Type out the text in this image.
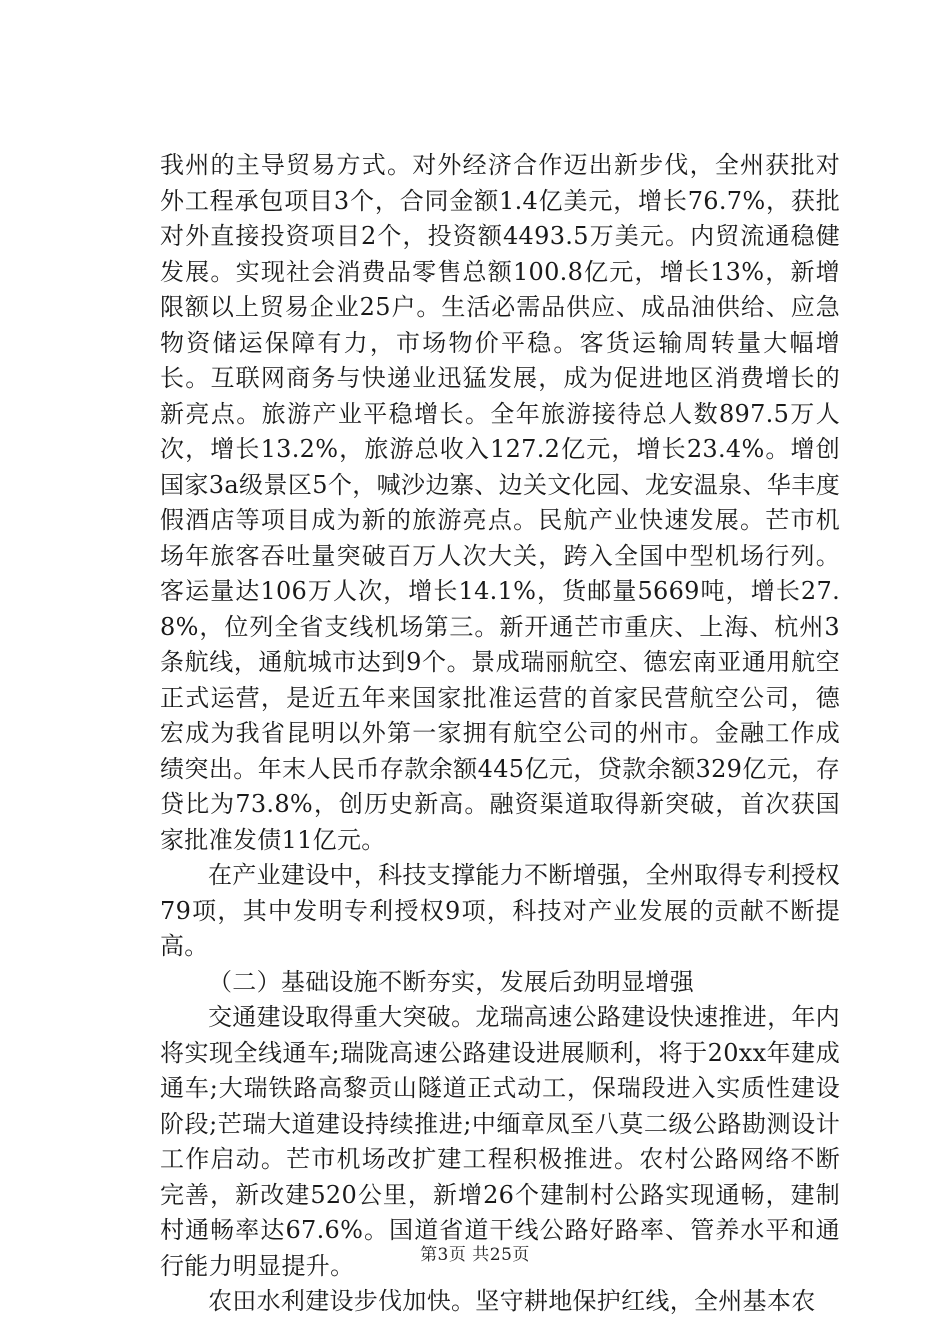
我州的主导贸易方式。对外经济合作迈出新步伐，全州获批对外工程承包项目3个，合同金额1.4亿美元，增长76.7%，获批对外直接投资项目2个，投资额4493.5万美元。内贸流通稳健发展。实现社会消费品零售总额100.8亿元，增长13%，新增限额以上贸易企业25户。生活必需品供应、成品油供给、应急物资储运保障有力，市场物价平稳。客货运输周转量大幅增长。互联网商务与快递业迅猛发展，成为促进地区消费增长的新亮点。旅游产业平稳增长。全年旅游接待总人数897.5万人次，增长13.2%，旅游总收入127.2亿元，增长23.4%。增创国家3a级景区5个，喊沙边寨、边关文化园、龙安温泉、华丰度假酒店等项目成为新的旅游亮点。民航产业快速发展。芒市机场年旅客吞吐量突破百万人次大关，跨入全国中型机场行列。客运量达106万人次，增长14.1%，货邮量5669吨，增长27.8%，位列全省支线机场第三。新开通芒市重庆、上海、杭州3条航线，通航城市达到9个。景成瑞丽航空、德宏南亚通用航空正式运营，是近五年来国家批准运营的首家民营航空公司，德宏成为我省昆明以外第一家拥有航空公司的州市。金融工作成绩突出。年末人民币存款余额445亿元，贷款余额329亿元，存贷比为73.8%，创历史新高。融资渠道取得新突破，首次获国家批准发债11亿元。

在产业建设中，科技支撑能力不断增强，全州取得专利授权79项，其中发明专利授权9项，科技对产业发展的贡献不断提高。

（二）基础设施不断夯实，发展后劲明显增强

交通建设取得重大突破。龙瑞高速公路建设快速推进，年内将实现全线通车;瑞陇高速公路建设进展顺利，将于20xx年建成通车;大瑞铁路高黎贡山隧道正式动工，保瑞段进入实质性建设阶段;芒瑞大道建设持续推进;中缅章凤至八莫二级公路勘测设计工作启动。芒市机场改扩建工程积极推进。农村公路网络不断完善，新改建520公里，新增26个建制村公路实现通畅，建制村通畅率达67.6%。国道省道干线公路好路率、管养水平和通行能力明显提升。

农田水利建设步伐加快。坚守耕地保护红线，全州基本农

第3页 共25页
